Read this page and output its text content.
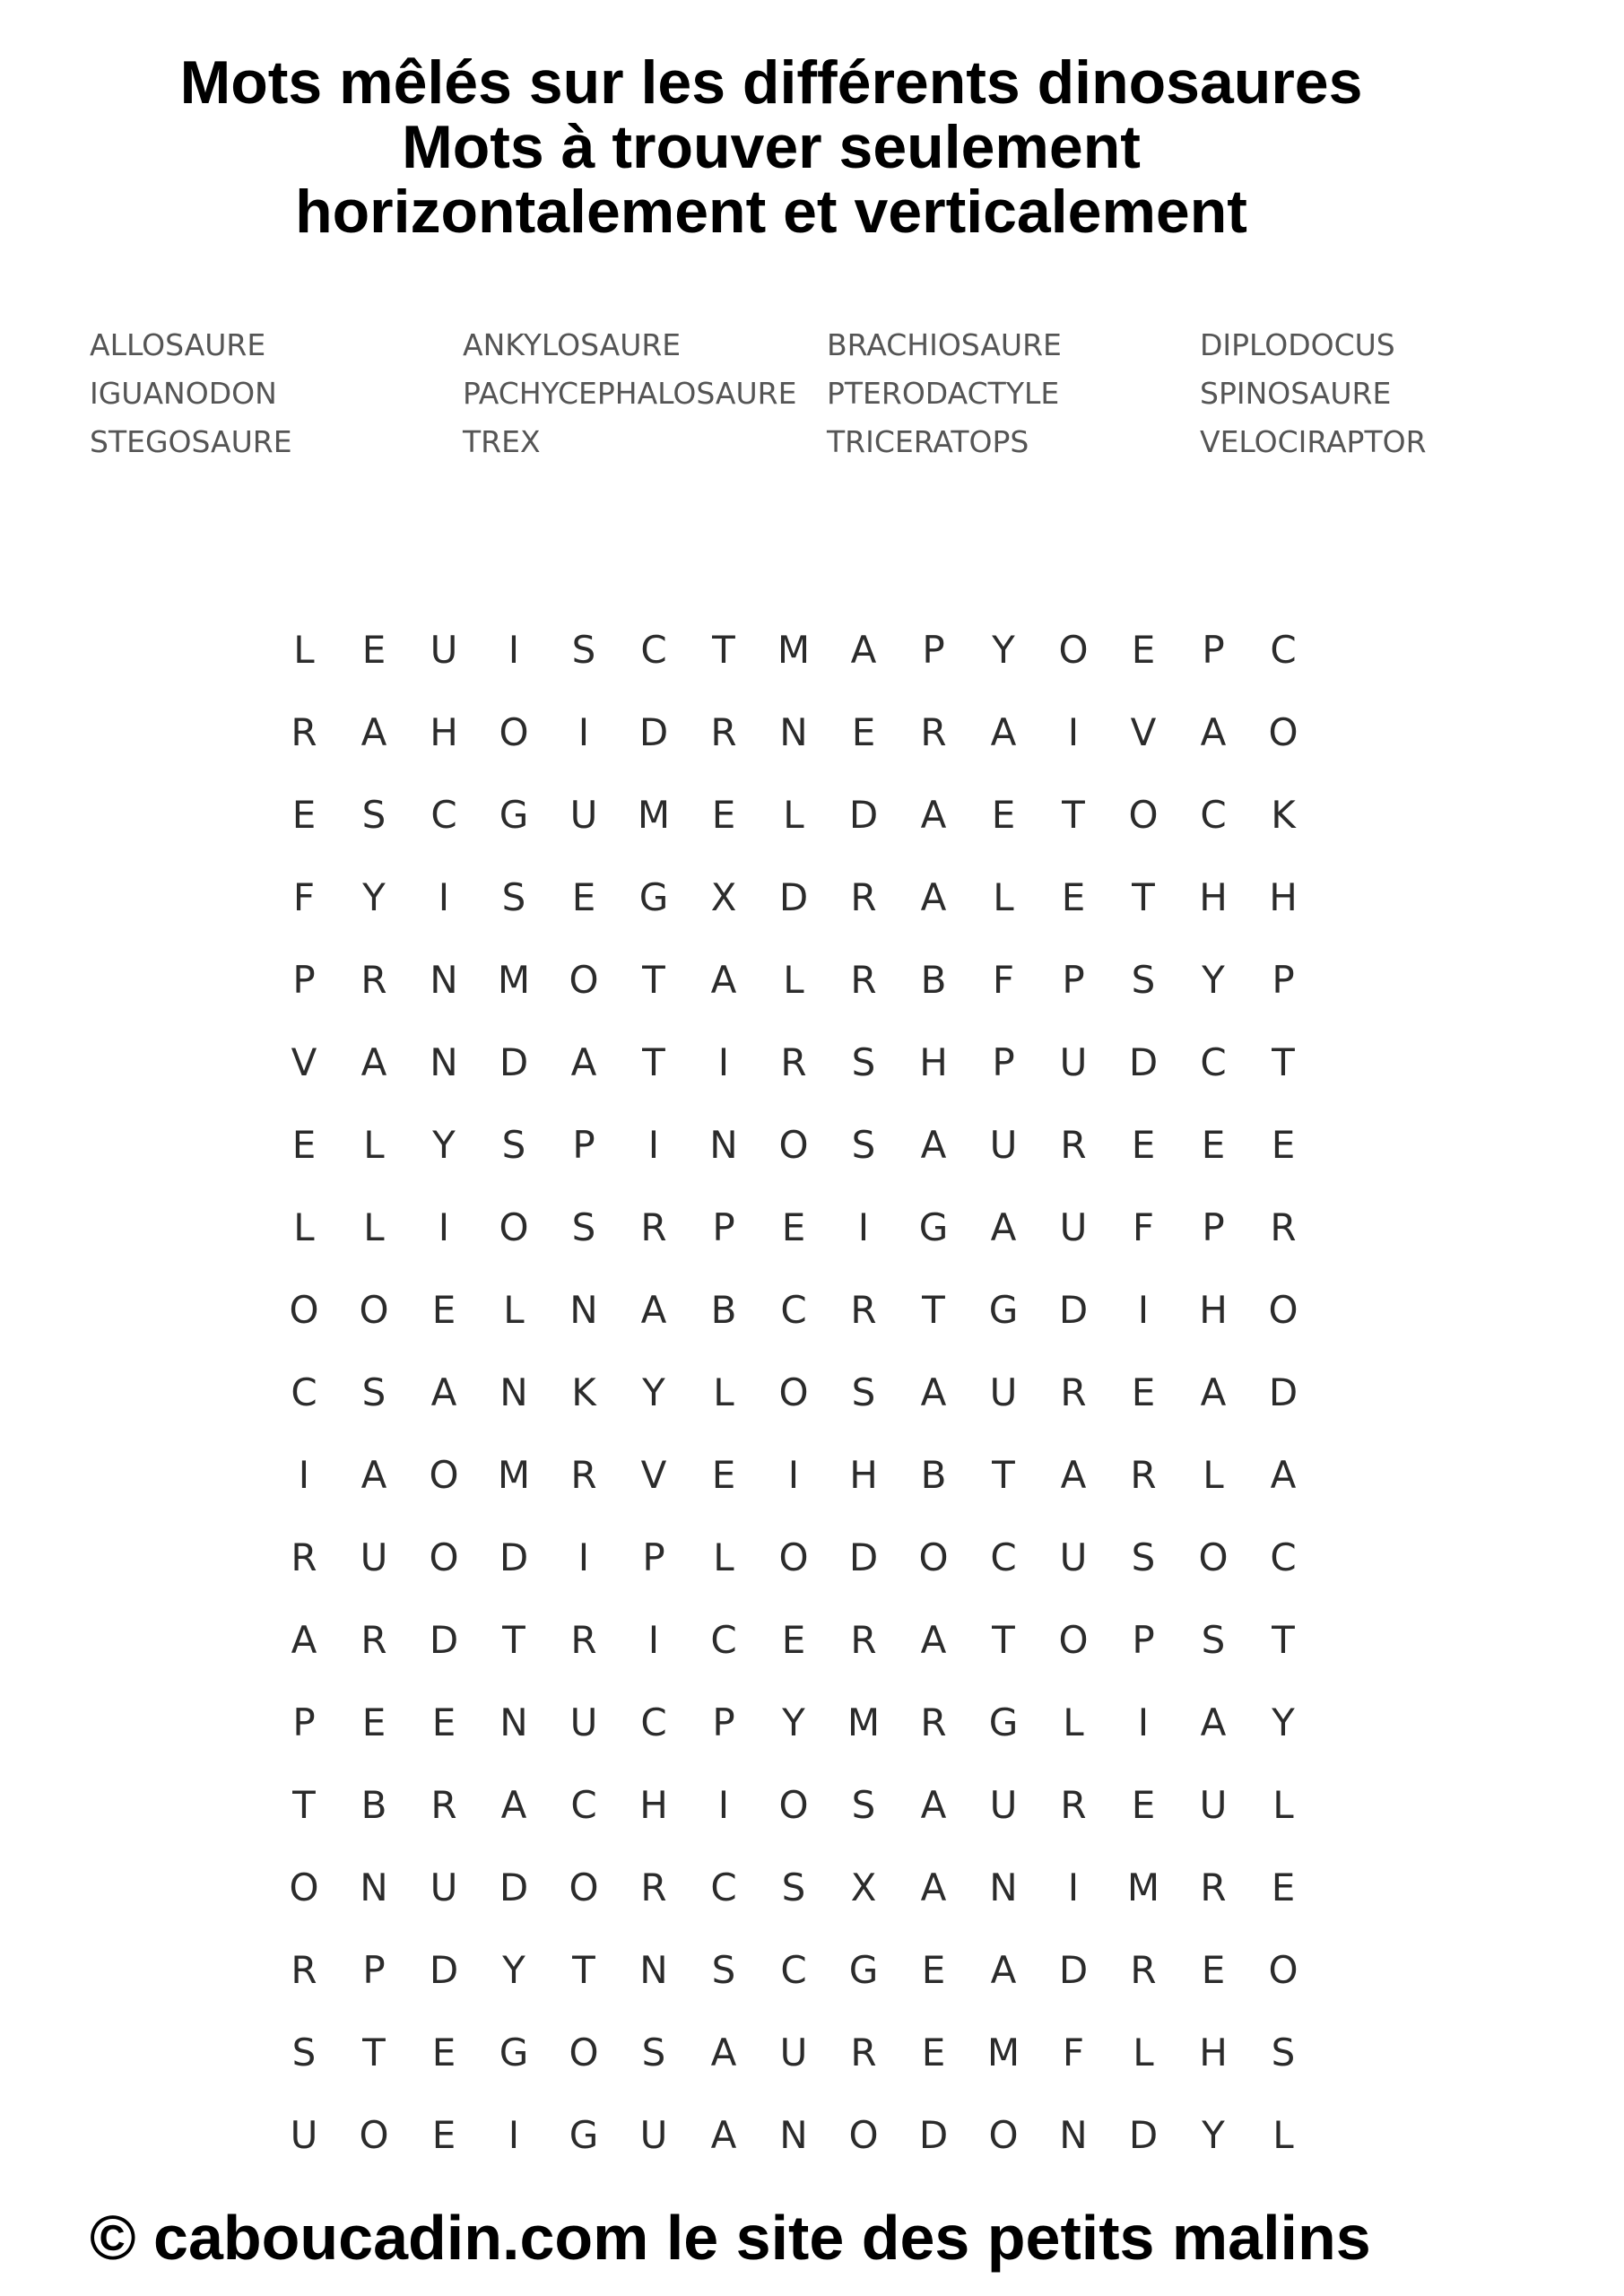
Mots mêlés sur les différents dinosaures
Mots à trouver seulement
horizontalement et verticalement
ALLOSAURE	ANKYLOSAURE	BRACHIOSAURE	DIPLODOCUS
IGUANODON	PACHYCEPHALOSAURE PTERODACTYLE	SPINOSAURE
STEGOSAURE	TREX	TRICERATOPS	VELOCIRAPTOR
L	E	U	I	S	C	T	M	A	P	Y	O	E	P	C
R	A	H	O	I	D	R	N	E	R	A	I	V	A	O
E	S	C	G	U	M	E	L	D	A	E	T	O	C	K
F	Y	I	S	E	G	X	D	R	A	L	E	T	H	H
P	R	N	M	O	T	A	L	R	B	F	P	S	Y	P
V	A	N	D	A	T	I	R	S	H	P	U	D	C	T
E	L	Y	S	P	I	N	O	S	A	U	R	E	E	E
L	L	I	O	S	R	P	E	I	G	A	U	F	P	R
O	O	E	L	N	A	B	C	R	T	G	D	I	H	O
C	S	A	N	K	Y	L	O	S	A	U	R	E	A	D
I	A	O	M	R	V	E	I	H	B	T	A	R	L	A
R	U	O	D	I	P	L	O	D	O	C	U	S	O	C
A	R	D	T	R	I	C	E	R	A	T	O	P	S	T
P	E	E	N	U	C	P	Y	M	R	G	L	I	A	Y
T	B	R	A	C	H	I	O	S	A	U	R	E	U	L
O	N	U	D	O	R	C	S	X	A	N	I	M	R	E
R	P	D	Y	T	N	S	C	G	E	A	D	R	E	O
S	T	E	G	O	S	A	U	R	E	M	F	L	H	S
U	O	E	I	G	U	A	N	O	D	O	N	D	Y	L
© caboucadin.com le site des petits malins
